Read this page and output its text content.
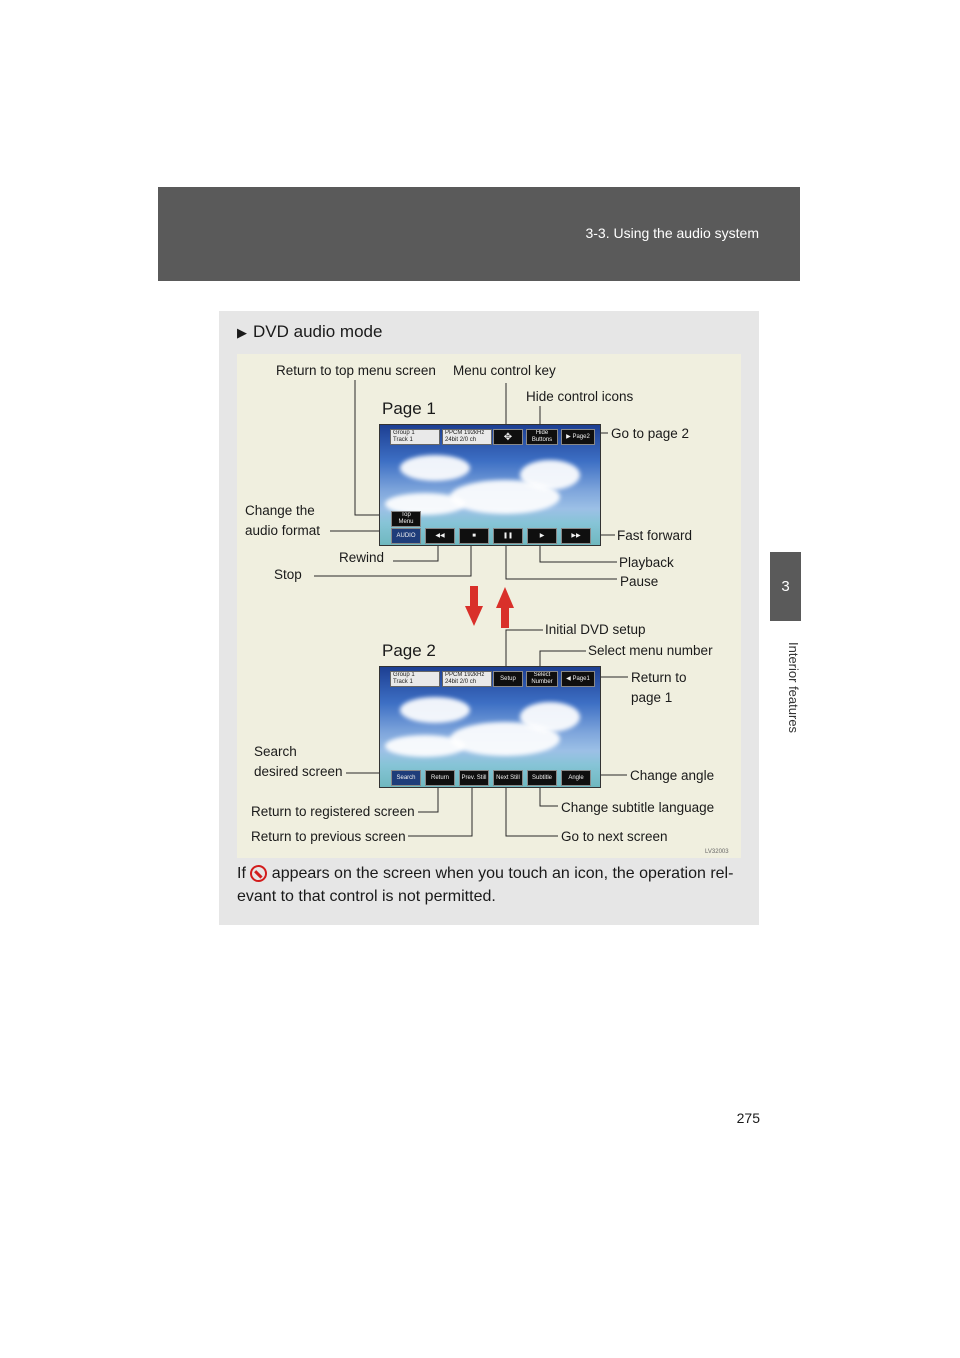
3-3. Using the audio system
3
Interior features
▶ DVD audio mode
Page 1
Return to top menu screen Menu control key
Hide control icons
Go to page 2
Change the
audio format	Fast forward
Rewind	Playback
Stop	Pause
Group 1
Track 1
PPCM 192kHz
24bit 2/0 ch	✥	Hide
Buttons
▶ Page2
Top
Menu
AUDIO	◀◀	■	❚❚	▶	▶▶
Page 2
Initial DVD setup
Select menu number
Return to
page 1
Search
desired screen	Change angle
Return to registered screen	Change subtitle language
Return to previous screen	Go to next screen
Group 1
Track 1
PPCM 192kHz
24bit 2/0 ch
Setup
Select
Number
◀ Page1
Search	Return	Prev. Still	Next Still	Subtitle	Angle
LV32003
If  appears on the screen when you touch an icon, the operation rel-evant to that control is not permitted.
275
